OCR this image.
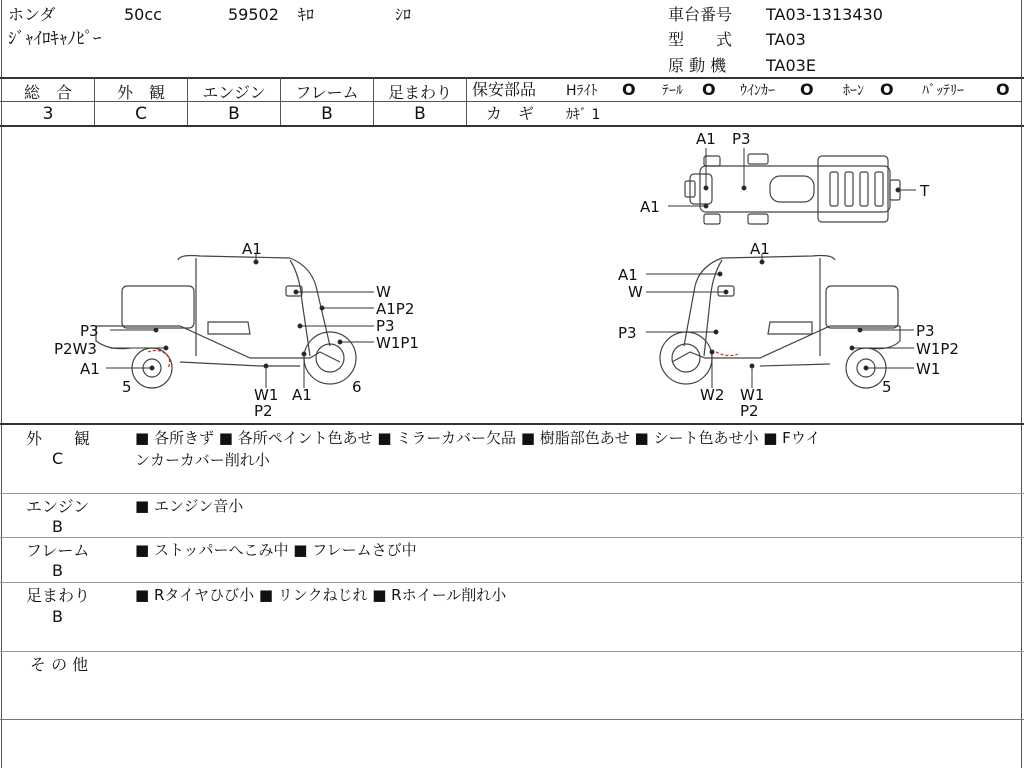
ホンダ	50cc	59502 ｷﾛ	ｼﾛ
ｼﾞｬｲﾛｷｬﾉﾋﾟｰ
車台番号 TA03-1313430
型　　式 TA03
原 動 機 TA03E
総　合	外　観	エンジン	フレーム	足まわり
3	C	B	B	B
保安部品 Hﾗｲﾄ O ﾃｰﾙ O ｳｲﾝｶｰ O ﾎｰﾝ O ﾊﾞｯﾃﾘｰ O
カ　ギ ｶｷﾞ 1
A1 P3
A1
T
A1
W
A1P2
P3
P3
W1P1
P2W3
A1
5	W1
P2
A1	6
A1
A1
W
P3	P3
W1P2
W1
5
W2 W1
P2
外　　観
C
■ 各所きず ■ 各所ペイント色あせ ■ ミラーカバー欠品 ■ 樹脂部色あせ ■ シート色あせ小 ■ Fウイ
ンカーカバー削れ小
エンジン
B
■ エンジン音小
フレーム
B
■ ストッパーへこみ中 ■ フレームさび中
足まわり
B
■ Rタイヤひび小 ■ リンクねじれ ■ Rホイール削れ小
そ の 他
